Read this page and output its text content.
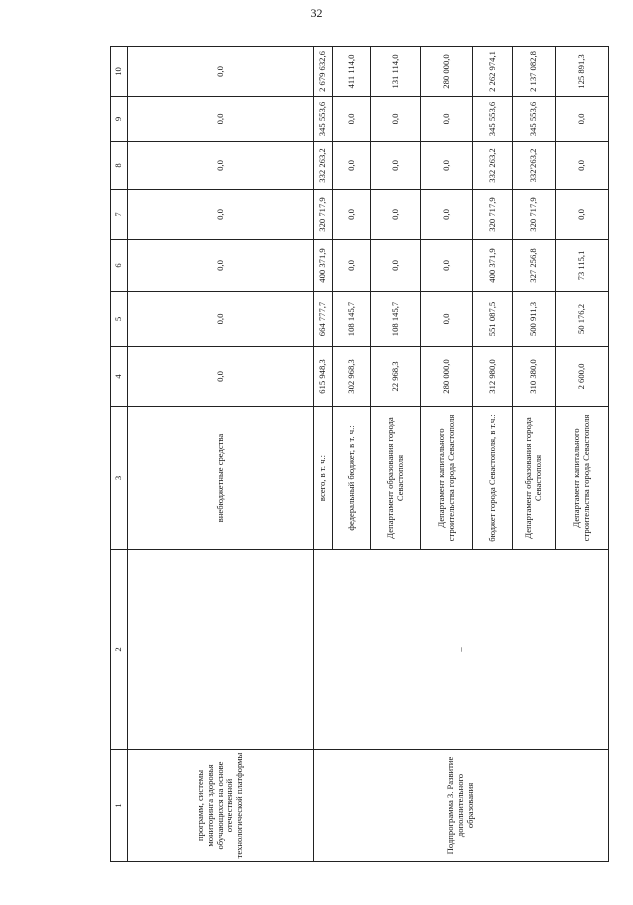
32
1	2	3	4	5	6	7	8	9	10
программ, системы мониторинга здоровья обучающихся на основе отечественной технологической платформы		внебюджетные средства	0,0	0,0	0,0	0,0	0,0	0,0	0,0
Подпрограмма 3. Развитие дополнительного образования	–	всего, в т. ч.:	615 948,3	664 777,7	400 371,9	320 717,9	332 263,2	345 553,6	2 679 632,6
		федеральный бюджет, в т. ч.:	302 968,3	108 145,7	0,0	0,0	0,0	0,0	411 114,0
		Департамент образования города Севастополя	22 968,3	108 145,7	0,0	0,0	0,0	0,0	131 114,0
		Департамент капитального строительства города Севастополя	280 000,0	0,0	0,0	0,0	0,0	0,0	280 000,0
		бюджет города Севастополя, в т.ч.:	312 980,0	551 087,5	400 371,9	320 717,9	332 263,2	345 553,6	2 262 974,1
		Департамент образования города Севастополя	310 380,0	500 911,3	327 256,8	320 717,9	332'263,2	345 553,6	2 137 082,8
		Департамент капитального строительства города Севастополя	2 600,0	50 176,2	73 115,1	0,0	0,0	0,0	125 891,3
